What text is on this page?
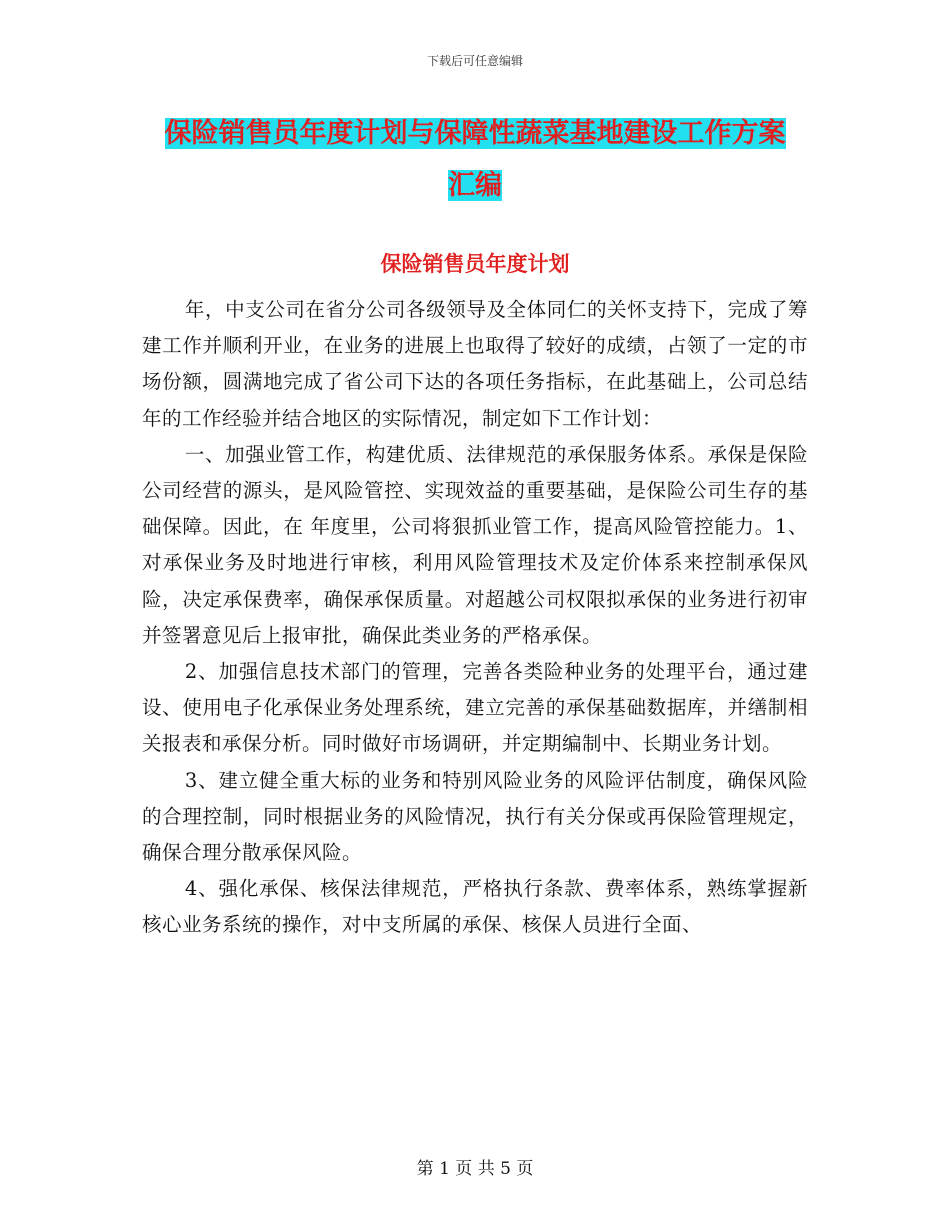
下载后可任意编辑
保险销售员年度计划与保障性蔬菜基地建设工作方案
汇编
保险销售员年度计划

年，中支公司在省分公司各级领导及全体同仁的关怀支持下，完成了筹建工作并顺利开业，在业务的进展上也取得了较好的成绩，占领了一定的市场份额，圆满地完成了省公司下达的各项任务指标，在此基础上，公司总结年的工作经验并结合地区的实际情况，制定如下工作计划：

一、加强业管工作，构建优质、法律规范的承保服务体系。承保是保险公司经营的源头，是风险管控、实现效益的重要基础，是保险公司生存的基础保障。因此，在 年度里，公司将狠抓业管工作，提高风险管控能力。1、对承保业务及时地进行审核，利用风险管理技术及定价体系来控制承保风险，决定承保费率，确保承保质量。对超越公司权限拟承保的业务进行初审并签署意见后上报审批，确保此类业务的严格承保。

2、加强信息技术部门的管理，完善各类险种业务的处理平台，通过建设、使用电子化承保业务处理系统，建立完善的承保基础数据库，并缮制相关报表和承保分析。同时做好市场调研，并定期编制中、长期业务计划。

3、建立健全重大标的业务和特别风险业务的风险评估制度，确保风险的合理控制，同时根据业务的风险情况，执行有关分保或再保险管理规定，确保合理分散承保风险。

4、强化承保、核保法律规范，严格执行条款、费率体系，熟练掌握新核心业务系统的操作，对中支所属的承保、核保人员进行全面、

第 1 页 共 5 页
